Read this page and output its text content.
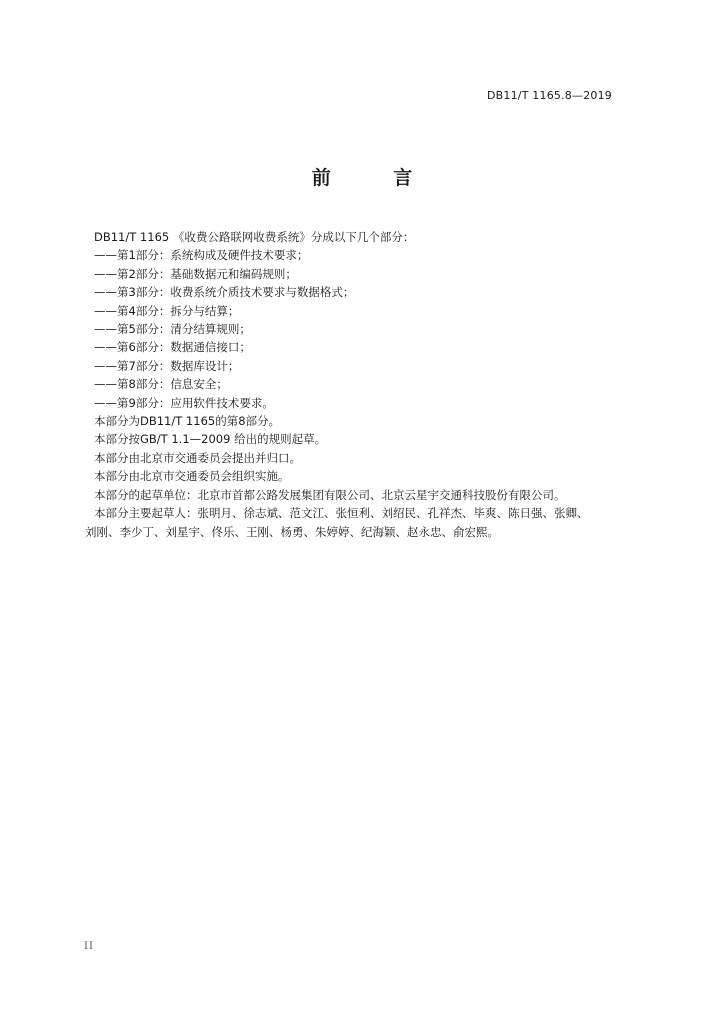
DB11/T 1165.8—2019
前 言
DB11/T 1165 《收费公路联网收费系统》分成以下几个部分：
——第1部分：系统构成及硬件技术要求；
——第2部分：基础数据元和编码规则；
——第3部分：收费系统介质技术要求与数据格式；
——第4部分：拆分与结算；
——第5部分：清分结算规则；
——第6部分：数据通信接口；
——第7部分：数据库设计；
——第8部分：信息安全；
——第9部分：应用软件技术要求。
本部分为DB11/T 1165的第8部分。
本部分按GB/T 1.1—2009 给出的规则起草。
本部分由北京市交通委员会提出并归口。
本部分由北京市交通委员会组织实施。
本部分的起草单位：北京市首都公路发展集团有限公司、北京云星宇交通科技股份有限公司。
本部分主要起草人：张明月、徐志斌、范文江、张恒利、刘绍民、孔祥杰、毕爽、陈日强、张卿、
刘刚、李少丁、刘星宇、佟乐、王刚、杨勇、朱婷婷、纪海颖、赵永忠、俞宏熙。
II
